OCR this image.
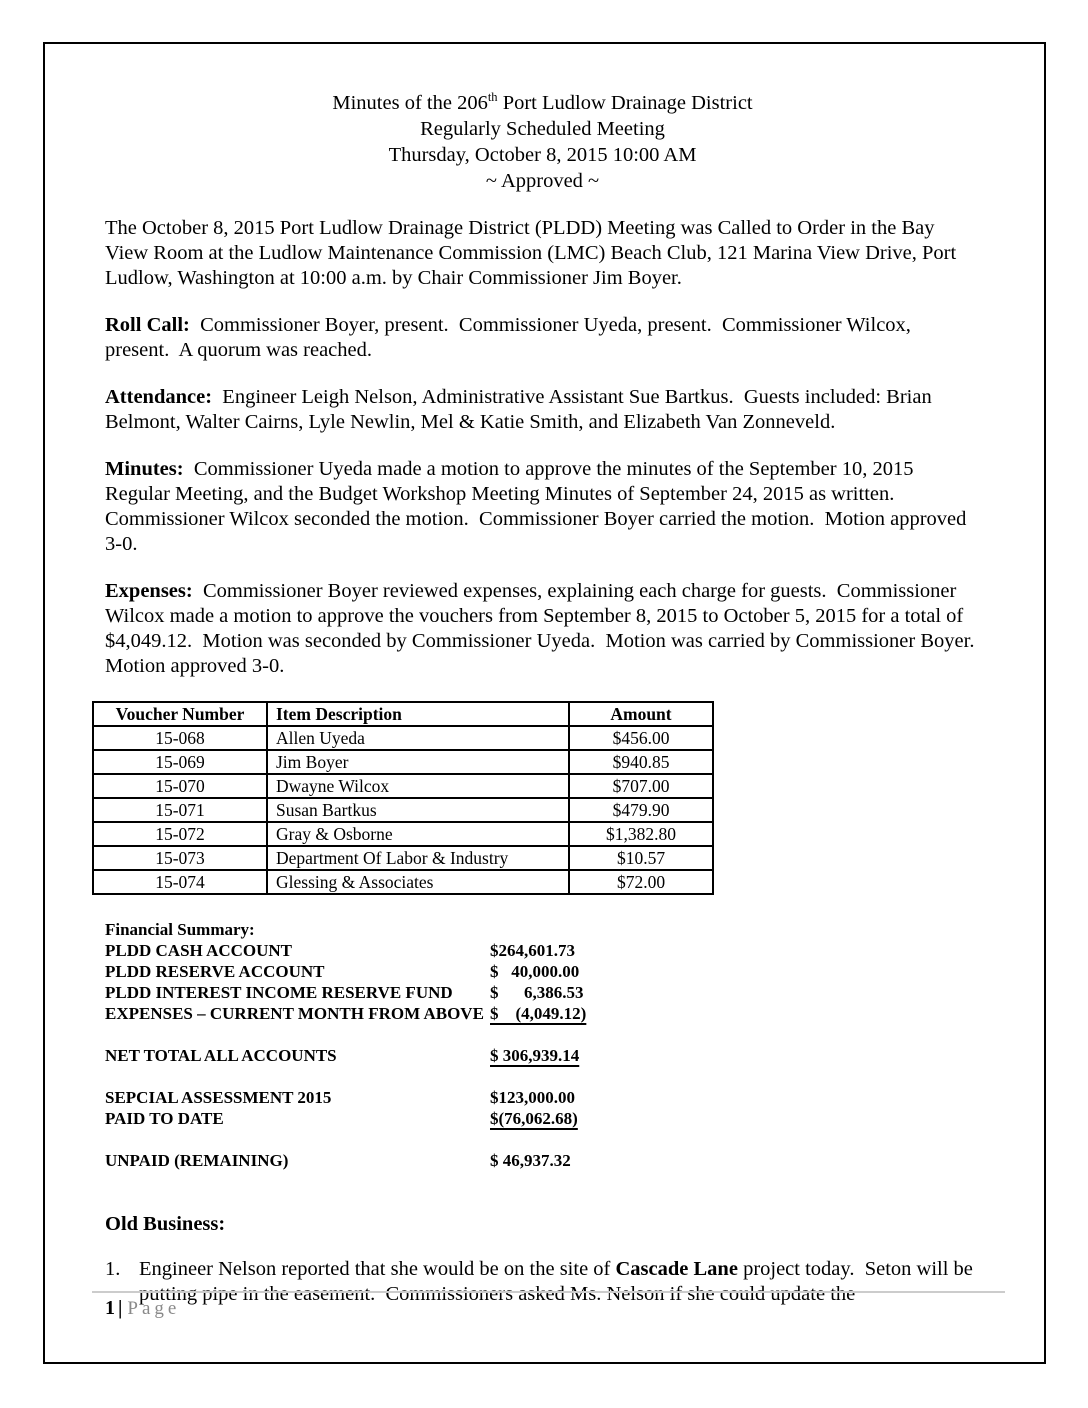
Minutes of the 206th Port Ludlow Drainage District
Regularly Scheduled Meeting
Thursday, October 8, 2015 10:00 AM
~ Approved ~

The October 8, 2015 Port Ludlow Drainage District (PLDD) Meeting was Called to Order in the Bay View Room at the Ludlow Maintenance Commission (LMC) Beach Club, 121 Marina View Drive, Port Ludlow, Washington at 10:00 a.m. by Chair Commissioner Jim Boyer.

Roll Call:  Commissioner Boyer, present.  Commissioner Uyeda, present.  Commissioner Wilcox, present.  A quorum was reached.

Attendance:  Engineer Leigh Nelson, Administrative Assistant Sue Bartkus.  Guests included: Brian Belmont, Walter Cairns, Lyle Newlin, Mel & Katie Smith, and Elizabeth Van Zonneveld.

Minutes:  Commissioner Uyeda made a motion to approve the minutes of the September 10, 2015 Regular Meeting, and the Budget Workshop Meeting Minutes of September 24, 2015 as written.  Commissioner Wilcox seconded the motion.  Commissioner Boyer carried the motion.  Motion approved 3-0.

Expenses:  Commissioner Boyer reviewed expenses, explaining each charge for guests.  Commissioner Wilcox made a motion to approve the vouchers from September 8, 2015 to October 5, 2015 for a total of $4,049.12.  Motion was seconded by Commissioner Uyeda.  Motion was carried by Commissioner Boyer. Motion approved 3-0.

Voucher Number	Item Description	Amount
15-068	Allen Uyeda	$456.00
15-069	Jim Boyer	$940.85
15-070	Dwayne Wilcox	$707.00
15-071	Susan Bartkus	$479.90
15-072	Gray & Osborne	$1,382.80
15-073	Department Of Labor & Industry	$10.57
15-074	Glessing & Associates	$72.00
Financial Summary:
PLDD CASH ACCOUNT	$264,601.73
PLDD RESERVE ACCOUNT	$   40,000.00
PLDD INTEREST INCOME RESERVE FUND	$      6,386.53
EXPENSES – CURRENT MONTH FROM ABOVE $    (4,049.12)
NET TOTAL ALL ACCOUNTS	$ 306,939.14
SEPCIAL ASSESSMENT 2015	$123,000.00
PAID TO DATE	$(76,062.68)
UNPAID (REMAINING)	$ 46,937.32
Old Business:
1. Engineer Nelson reported that she would be on the site of Cascade Lane project today.  Seton will be putting pipe in the easement.  Commissioners asked Ms. Nelson if she could update the
1 | Page
